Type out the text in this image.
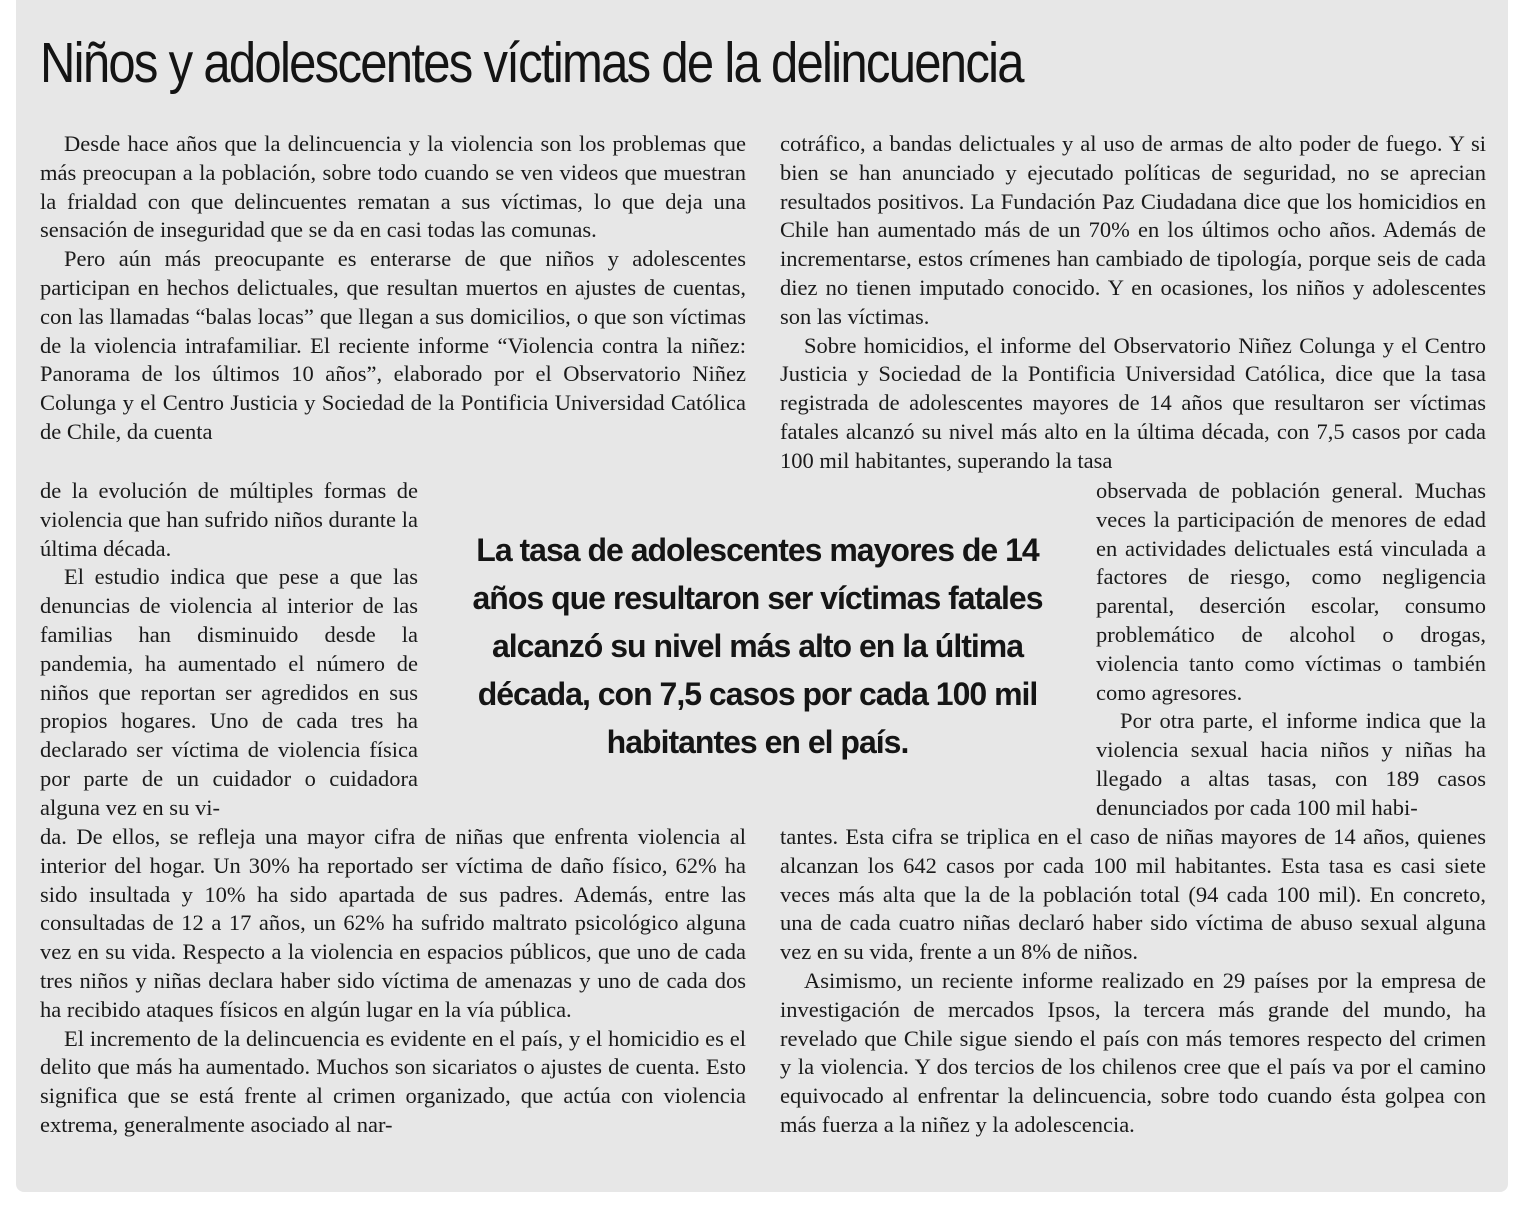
Niños y adolescentes víctimas de la delincuencia

Desde hace años que la delincuencia y la violencia son los problemas que más preocupan a la población, sobre todo cuando se ven videos que muestran la frialdad con que delincuentes rematan a sus víctimas, lo que deja una sensación de inseguridad que se da en casi todas las comunas.

Pero aún más preocupante es enterarse de que niños y adolescentes participan en hechos delictuales, que resultan muertos en ajustes de cuentas, con las llamadas “balas locas” que llegan a sus domicilios, o que son víctimas de la violencia intrafamiliar. El reciente informe “Violencia contra la niñez: Panorama de los últimos 10 años”, elaborado por el Observatorio Niñez Colunga y el Centro Justicia y Sociedad de la Pontificia Universidad Católica de Chile, da cuenta

de la evolución de múltiples formas de violencia que han sufrido niños durante la última década.

El estudio indica que pese a que las denuncias de violencia al interior de las familias han disminuido desde la pandemia, ha aumentado el número de niños que reportan ser agredidos en sus propios hogares. Uno de cada tres ha declarado ser víctima de violencia física por parte de un cuidador o cuidadora alguna vez en su vi-

da. De ellos, se refleja una mayor cifra de niñas que enfrenta violencia al interior del hogar. Un 30% ha reportado ser víctima de daño físico, 62% ha sido insultada y 10% ha sido apartada de sus padres. Además, entre las consultadas de 12 a 17 años, un 62% ha sufrido maltrato psicológico alguna vez en su vida. Respecto a la violencia en espacios públicos, que uno de cada tres niños y niñas declara haber sido víctima de amenazas y uno de cada dos ha recibido ataques físicos en algún lugar en la vía pública.

El incremento de la delincuencia es evidente en el país, y el homicidio es el delito que más ha aumentado. Muchos son sicariatos o ajustes de cuenta. Esto significa que se está frente al crimen organizado, que actúa con violencia extrema, generalmente asociado al nar-

La tasa de adolescentes mayores de 14 años que resultaron ser víctimas fatales alcanzó su nivel más alto en la última década, con 7,5 casos por cada 100 mil habitantes en el país.

cotráfico, a bandas delictuales y al uso de armas de alto poder de fuego. Y si bien se han anunciado y ejecutado políticas de seguridad, no se aprecian resultados positivos. La Fundación Paz Ciudadana dice que los homicidios en Chile han aumentado más de un 70% en los últimos ocho años. Además de incrementarse, estos crímenes han cambiado de tipología, porque seis de cada diez no tienen imputado conocido. Y en ocasiones, los niños y adolescentes son las víctimas.

Sobre homicidios, el informe del Observatorio Niñez Colunga y el Centro Justicia y Sociedad de la Pontificia Universidad Católica, dice que la tasa registrada de adolescentes mayores de 14 años que resultaron ser víctimas fatales alcanzó su nivel más alto en la última década, con 7,5 casos por cada 100 mil habitantes, superando la tasa

observada de población general. Muchas veces la participación de menores de edad en actividades delictuales está vinculada a factores de riesgo, como negligencia parental, deserción escolar, consumo problemático de alcohol o drogas, violencia tanto como víctimas o también como agresores.

Por otra parte, el informe indica que la violencia sexual hacia niños y niñas ha llegado a altas tasas, con 189 casos denunciados por cada 100 mil habi-

tantes. Esta cifra se triplica en el caso de niñas mayores de 14 años, quienes alcanzan los 642 casos por cada 100 mil habitantes. Esta tasa es casi siete veces más alta que la de la población total (94 cada 100 mil). En concreto, una de cada cuatro niñas declaró haber sido víctima de abuso sexual alguna vez en su vida, frente a un 8% de niños.

Asimismo, un reciente informe realizado en 29 países por la empresa de investigación de mercados Ipsos, la tercera más grande del mundo, ha revelado que Chile sigue siendo el país con más temores respecto del crimen y la violencia. Y dos tercios de los chilenos cree que el país va por el camino equivocado al enfrentar la delincuencia, sobre todo cuando ésta golpea con más fuerza a la niñez y la adolescencia.
